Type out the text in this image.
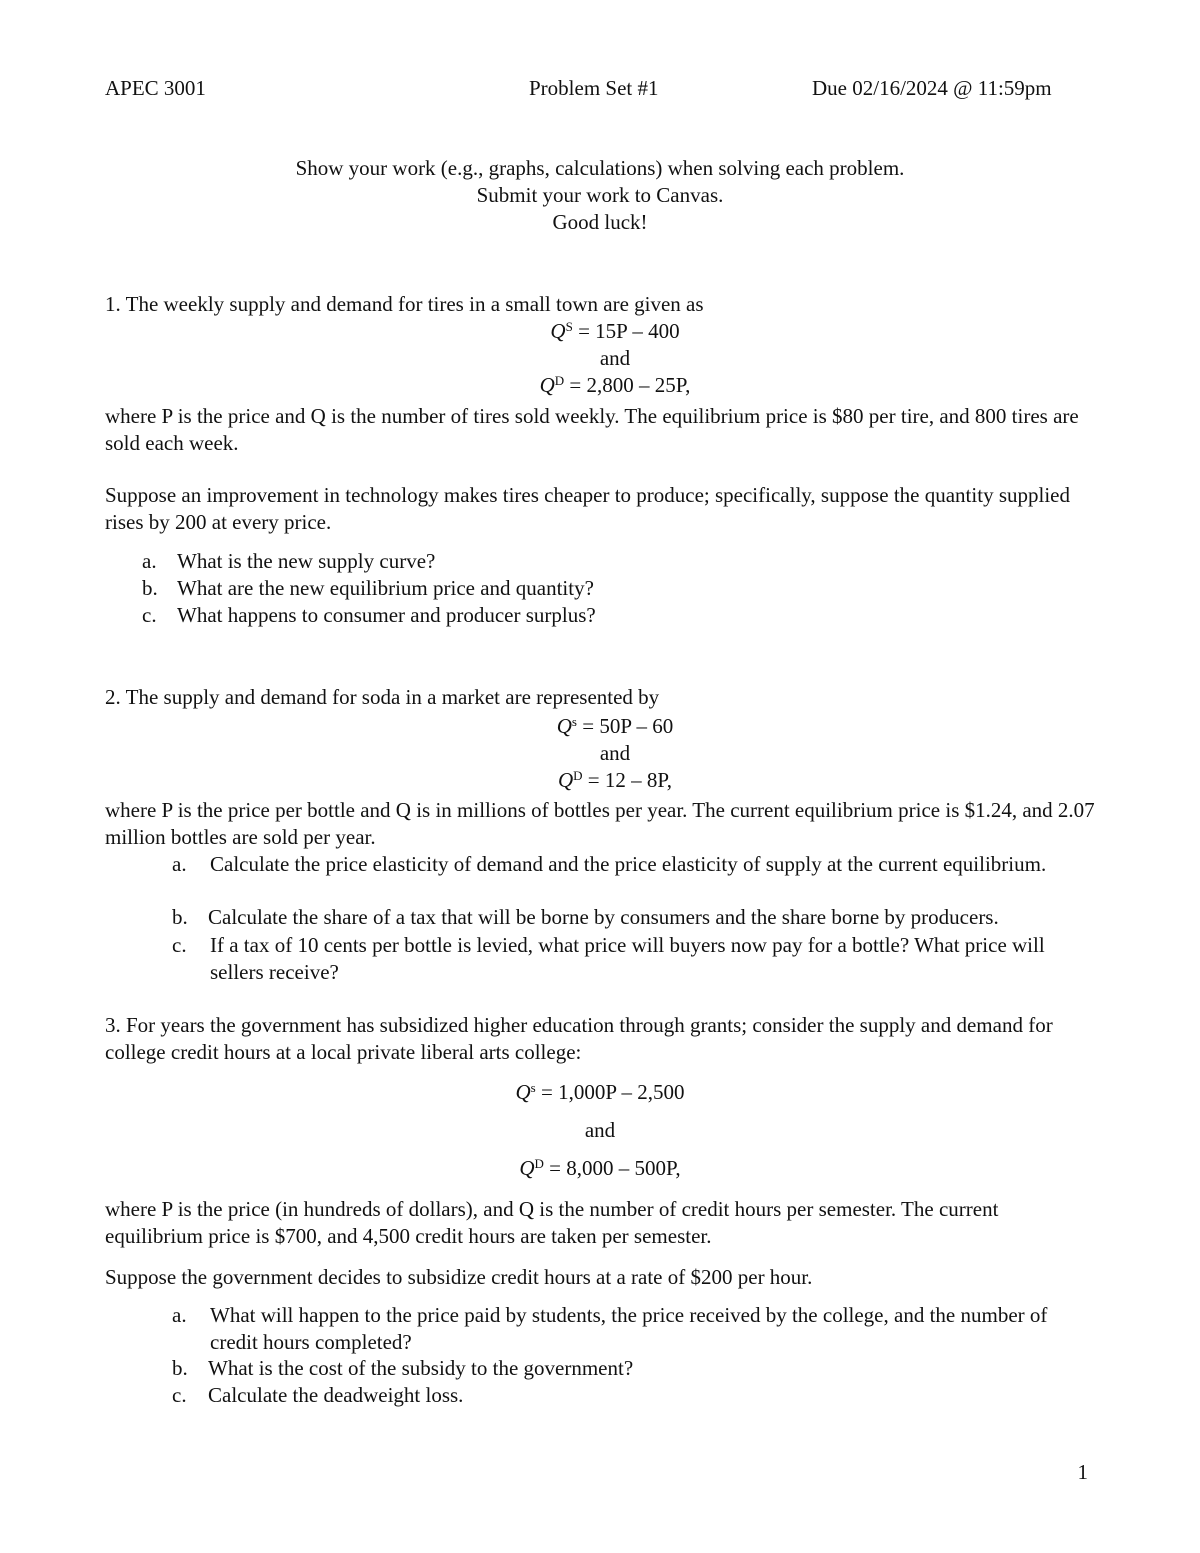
APEC 3001	Problem Set #1	Due 02/16/2024 @ 11:59pm
Show your work (e.g., graphs, calculations) when solving each problem.
Submit your work to Canvas.
Good luck!
1. The weekly supply and demand for tires in a small town are given as
$Q^S = 15P - 400$
and
$Q^D = 2,800 - 25P$,
where P is the price and Q is the number of tires sold weekly. The equilibrium price is $80 per tire, and 800 tires are sold each week.
Suppose an improvement in technology makes tires cheaper to produce; specifically, suppose the quantity supplied rises by 200 at every price.
a. What is the new supply curve?
b. What are the new equilibrium price and quantity?
c. What happens to consumer and producer surplus?
2. The supply and demand for soda in a market are represented by
$Q^s = 50P - 60$
and
$Q^D = 12 - 8P$,
where P is the price per bottle and Q is in millions of bottles per year. The current equilibrium price is $1.24, and 2.07 million bottles are sold per year.
a. Calculate the price elasticity of demand and the price elasticity of supply at the current equilibrium.
b. Calculate the share of a tax that will be borne by consumers and the share borne by producers.
c. If a tax of 10 cents per bottle is levied, what price will buyers now pay for a bottle? What price will sellers receive?
3. For years the government has subsidized higher education through grants; consider the supply and demand for college credit hours at a local private liberal arts college:
$Q^s = 1,000P - 2,500$
and
$Q^D = 8,000 - 500P$,
where P is the price (in hundreds of dollars), and Q is the number of credit hours per semester. The current equilibrium price is $700, and 4,500 credit hours are taken per semester.
Suppose the government decides to subsidize credit hours at a rate of $200 per hour.
a. What will happen to the price paid by students, the price received by the college, and the number of credit hours completed?
b. What is the cost of the subsidy to the government?
c. Calculate the deadweight loss.
1
